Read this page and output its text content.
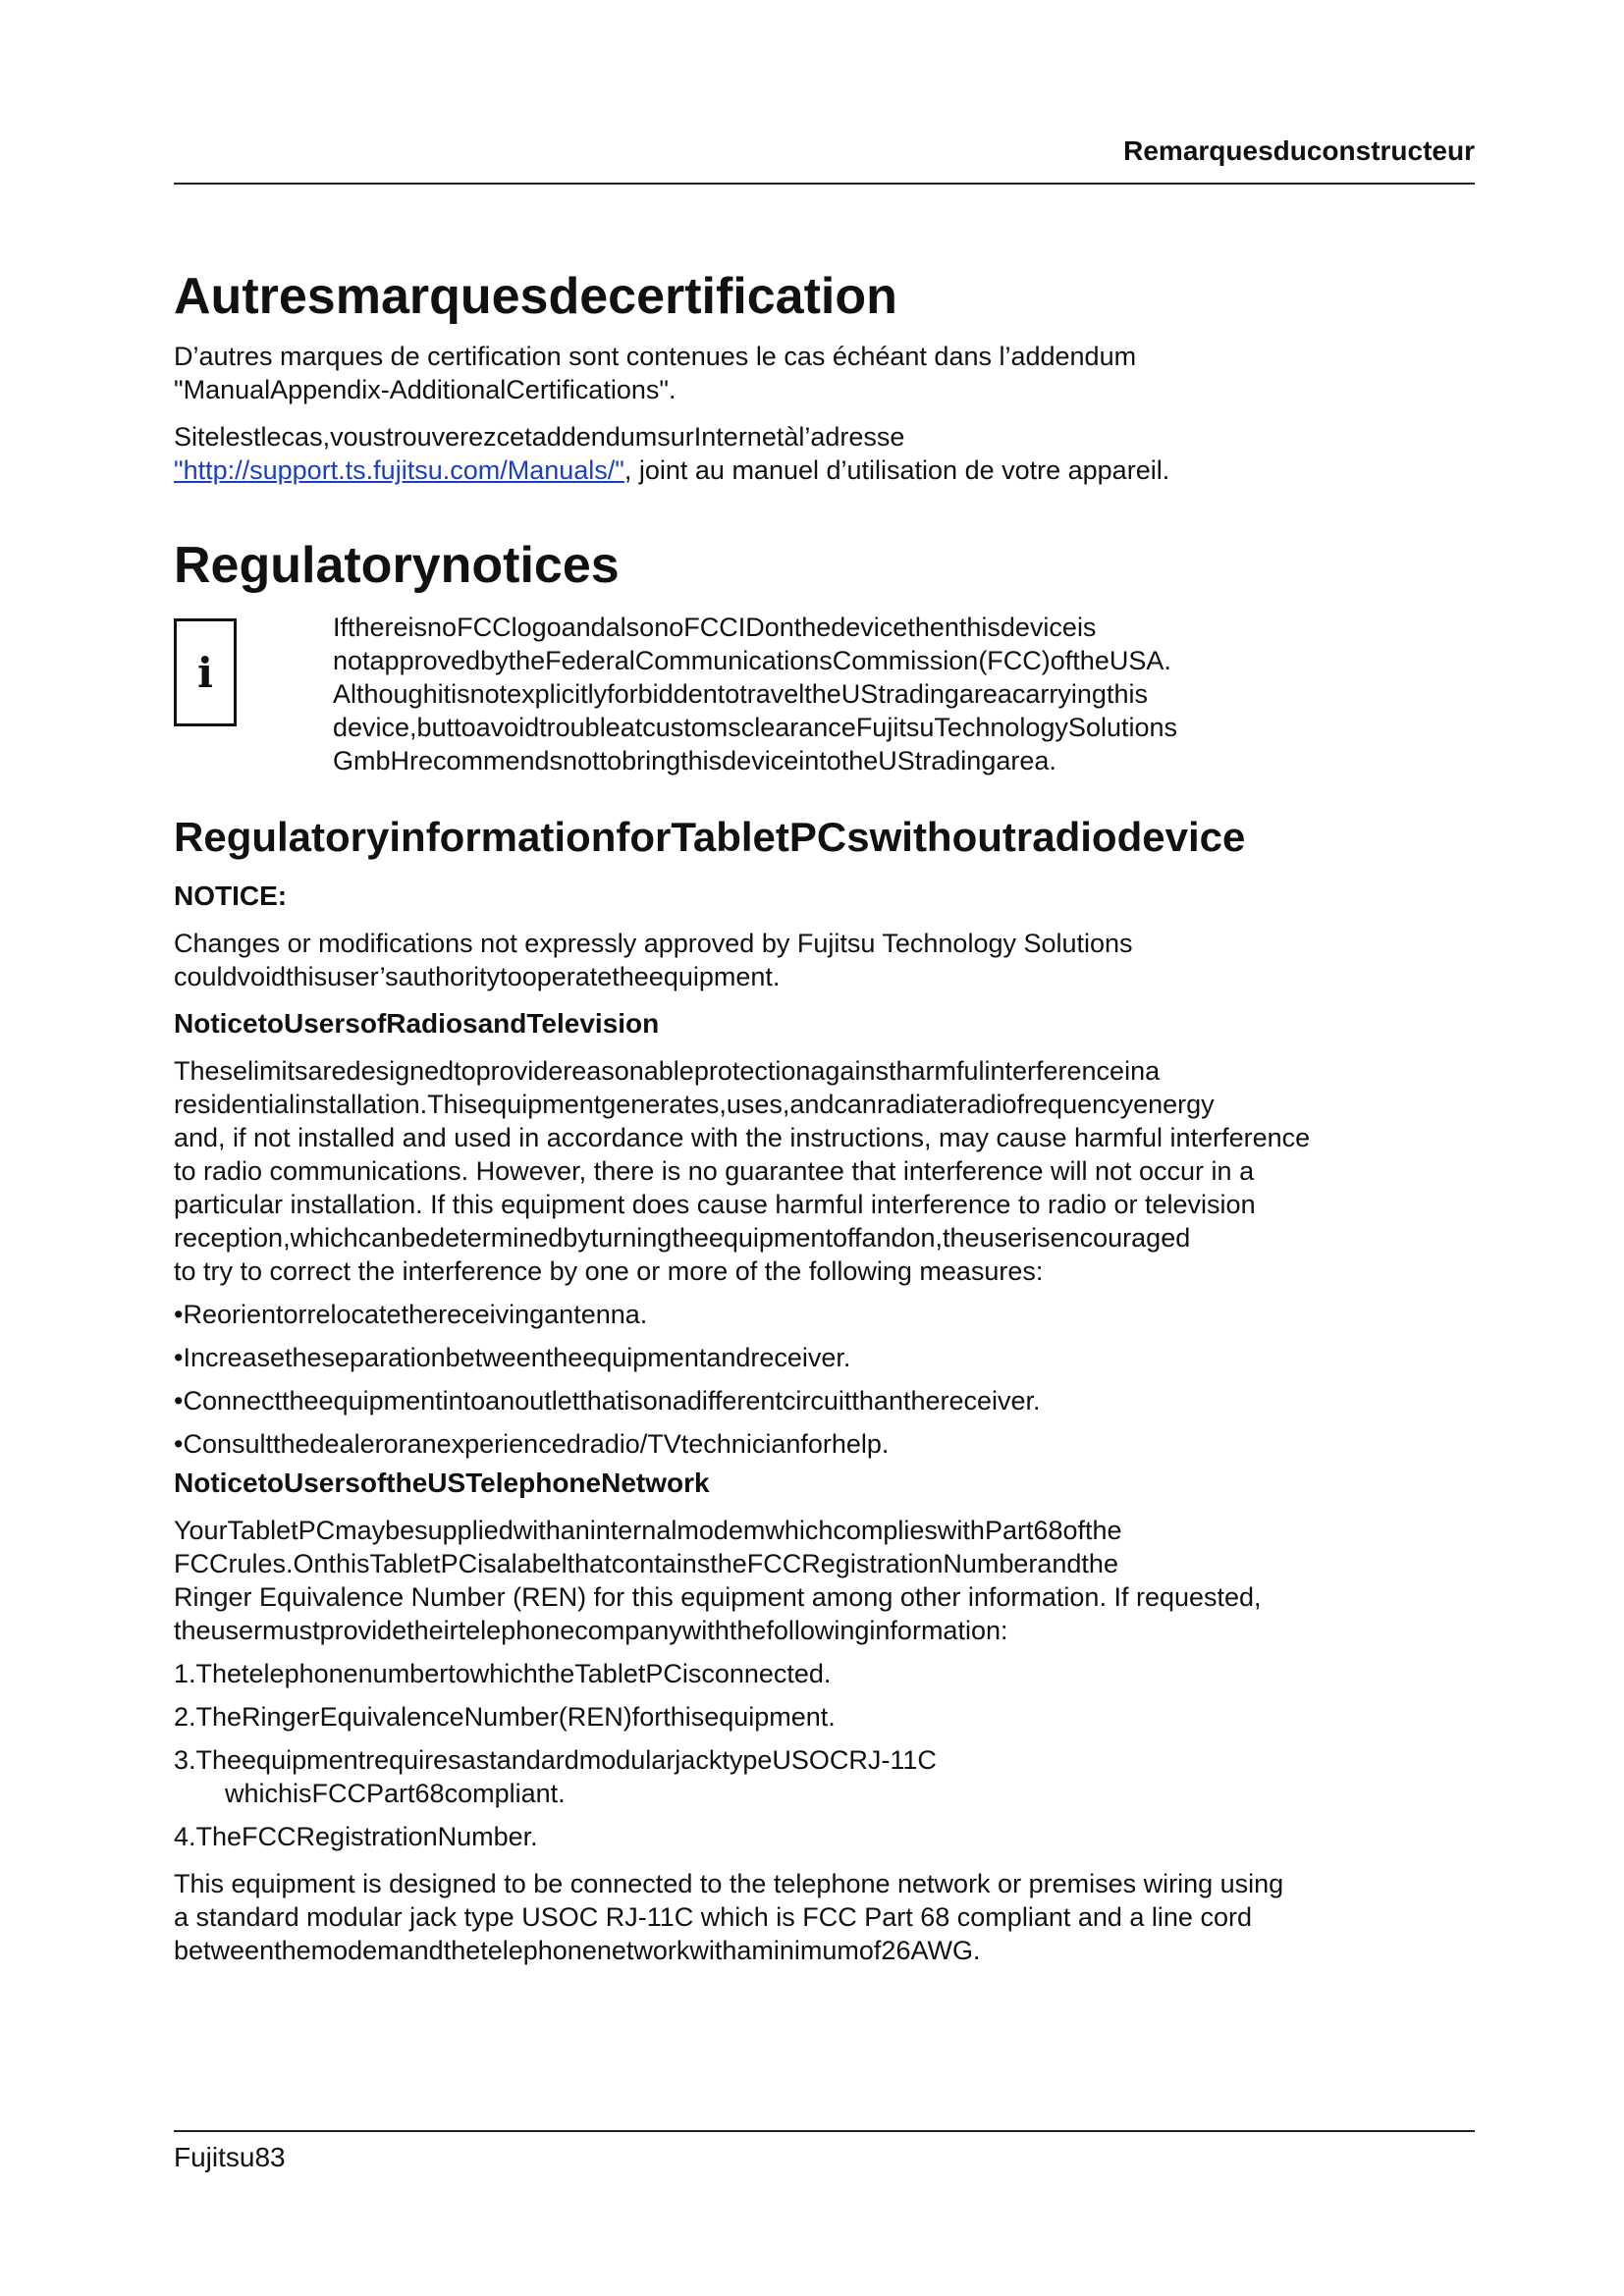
Remarquesduconstructeur
Autresmarquesdecertification

D’autres marques de certification sont contenues le cas échéant dans l’addendum
"ManualAppendix-AdditionalCertifications".

Sitelestlecas,voustrouverezcetaddendumsurInternetàl’adresse
"http://support.ts.fujitsu.com/Manuals/", joint au manuel d’utilisation de votre appareil.

Regulatorynotices
i

IfthereisnoFCClogoandalsonoFCCIDonthedevicethenthisdeviceis
notapprovedbytheFederalCommunicationsCommission(FCC)oftheUSA.
AlthoughitisnotexplicitlyforbiddentotraveltheUStradingareacarryingthis
device,buttoavoidtroubleatcustomsclearanceFujitsuTechnologySolutions
GmbHrecommendsnottobringthisdeviceintotheUStradingarea.

RegulatoryinformationforTabletPCswithoutradiodevice
NOTICE:

Changes or modifications not expressly approved by Fujitsu Technology Solutions
couldvoidthisuser’sauthoritytooperatetheequipment.

NoticetoUsersofRadiosandTelevision

Theselimitsaredesignedtoprovidereasonableprotectionagainstharmfulinterferenceina
residentialinstallation.Thisequipmentgenerates,uses,andcanradiateradiofrequencyenergy
and, if not installed and used in accordance with the instructions, may cause harmful interference
to radio communications. However, there is no guarantee that interference will not occur in a
particular installation. If this equipment does cause harmful interference to radio or television
reception,whichcanbedeterminedbyturningtheequipmentoffandon,theuserisencouraged
to try to correct the interference by one or more of the following measures:

•Reorientorrelocatethereceivingantenna.
•Increasetheseparationbetweentheequipmentandreceiver.
•Connecttheequipmentintoanoutletthatisonadifferentcircuitthanthereceiver.
•Consultthedealeroranexperiencedradio/TVtechnicianforhelp.
NoticetoUsersoftheUSTelephoneNetwork

YourTabletPCmaybesuppliedwithaninternalmodemwhichcomplieswithPart68ofthe
FCCrules.OnthisTabletPCisalabelthatcontainstheFCCRegistrationNumberandthe
Ringer Equivalence Number (REN) for this equipment among other information. If requested,
theusermustprovidetheirtelephonecompanywiththefollowinginformation:

1.ThetelephonenumbertowhichtheTabletPCisconnected.
2.TheRingerEquivalenceNumber(REN)forthisequipment.
3.TheequipmentrequiresastandardmodularjacktypeUSOCRJ-11C
whichisFCCPart68compliant.
4.TheFCCRegistrationNumber.

This equipment is designed to be connected to the telephone network or premises wiring using
a standard modular jack type USOC RJ-11C which is FCC Part 68 compliant and a line cord
betweenthemodemandthetelephonenetworkwithaminimumof26AWG.

Fujitsu83
